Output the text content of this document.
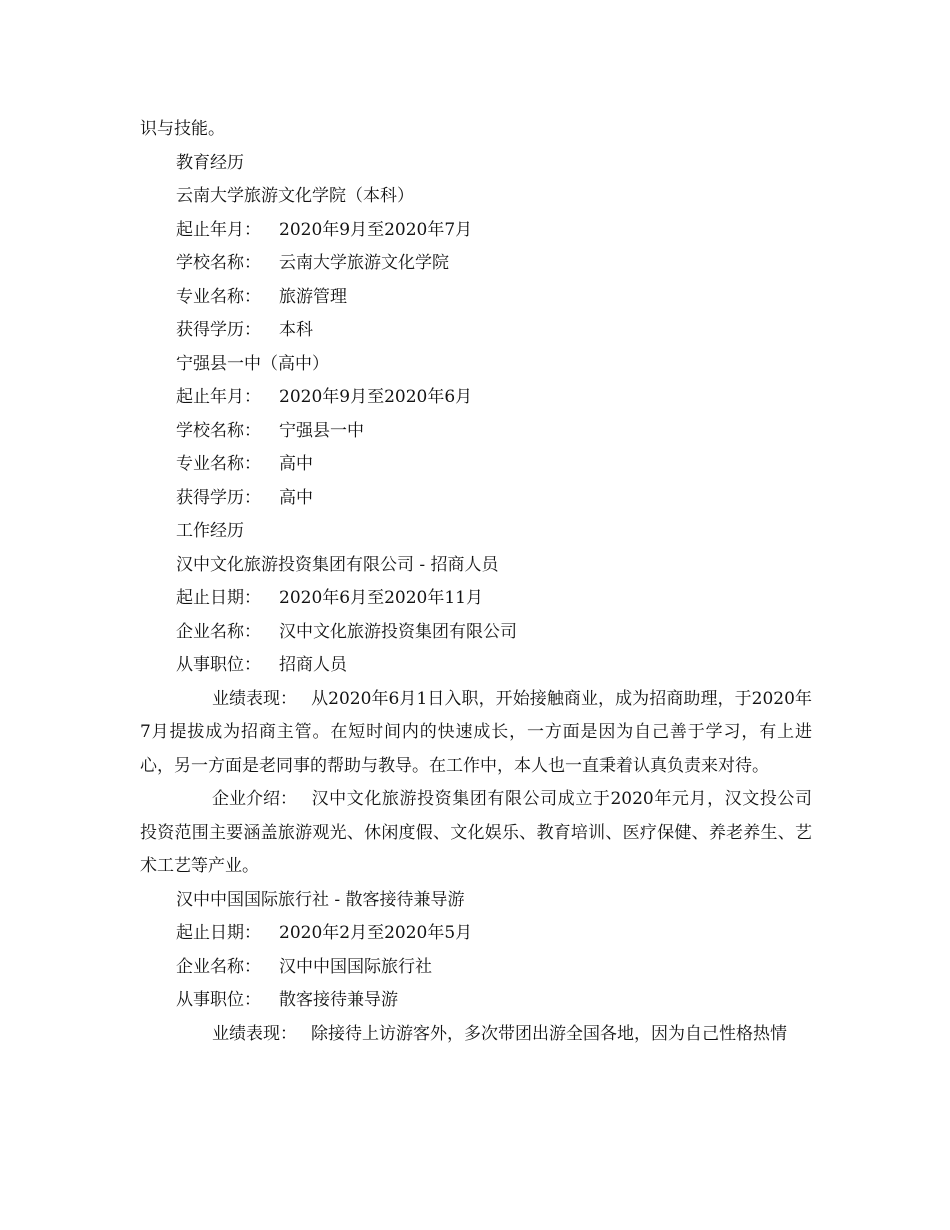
识与技能。
教育经历
云南大学旅游文化学院（本科）
起止年月： 2020年9月至2020年7月
学校名称： 云南大学旅游文化学院
专业名称： 旅游管理
获得学历： 本科
宁强县一中（高中）
起止年月： 2020年9月至2020年6月
学校名称： 宁强县一中
专业名称： 高中
获得学历： 高中
工作经历
汉中文化旅游投资集团有限公司 - 招商人员
起止日期： 2020年6月至2020年11月
企业名称： 汉中文化旅游投资集团有限公司
从事职位： 招商人员
业绩表现： 从2020年6月1日入职，开始接触商业，成为招商助理，于2020年7月提拔成为招商主管。在短时间内的快速成长，一方面是因为自己善于学习，有上进心，另一方面是老同事的帮助与教导。在工作中，本人也一直秉着认真负责来对待。
企业介绍： 汉中文化旅游投资集团有限公司成立于2020年元月，汉文投公司投资范围主要涵盖旅游观光、休闲度假、文化娱乐、教育培训、医疗保健、养老养生、艺术工艺等产业。
汉中中国国际旅行社 - 散客接待兼导游
起止日期： 2020年2月至2020年5月
企业名称： 汉中中国国际旅行社
从事职位： 散客接待兼导游
业绩表现： 除接待上访游客外，多次带团出游全国各地，因为自己性格热情
